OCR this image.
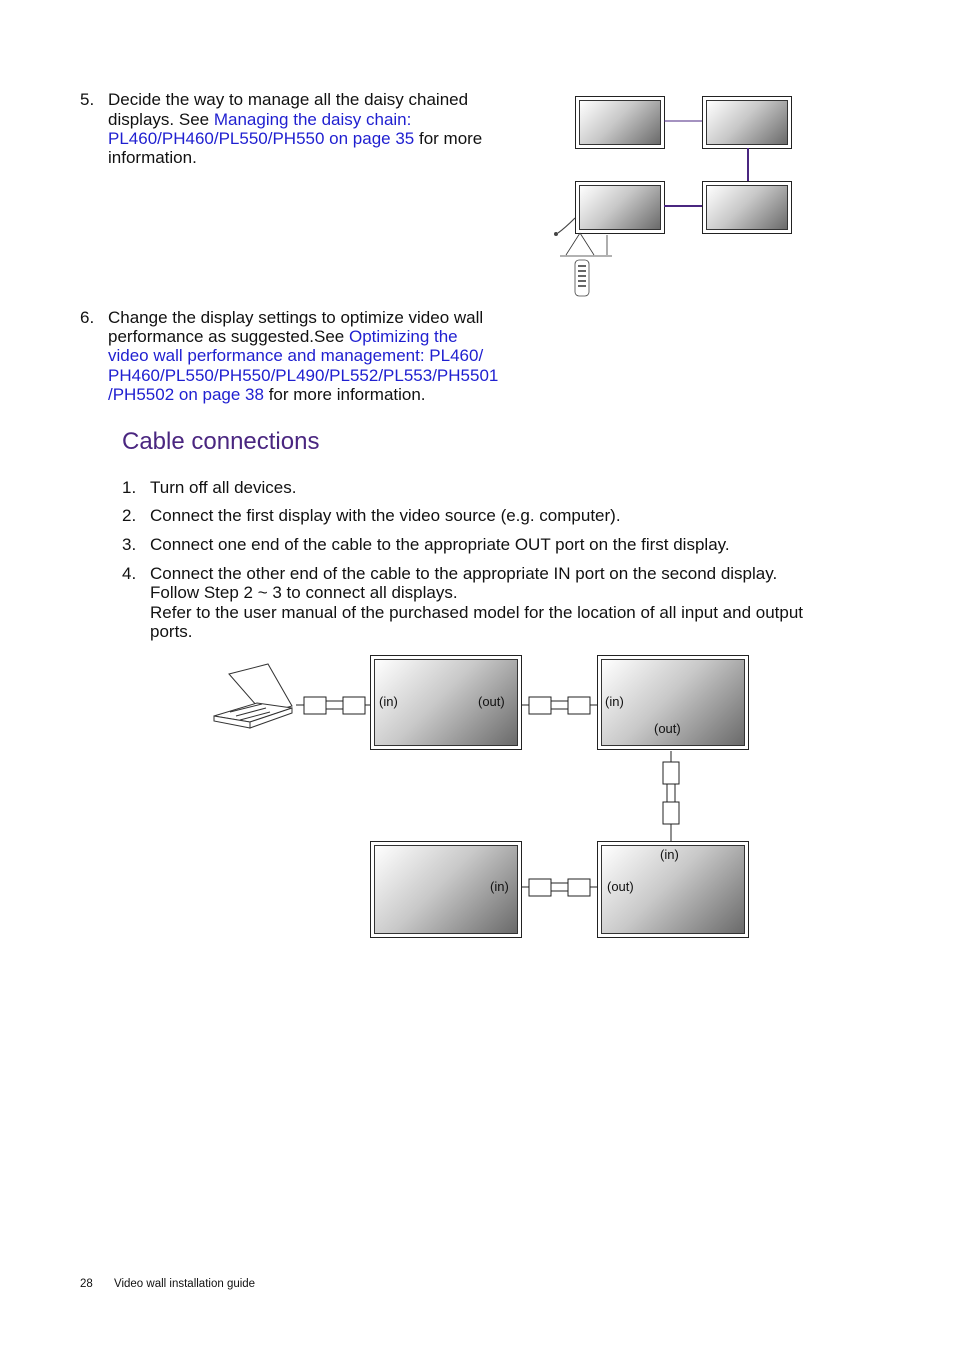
5. Decide the way to manage all the daisy chained
displays. See Managing the daisy chain:
PL460/PH460/PL550/PH550 on page 35 for more
information.
6. Change the display settings to optimize video wall
performance as suggested.See Optimizing the
video wall performance and management: PL460/
PH460/PL550/PH550/PL490/PL552/PL553/PH5501
/PH5502 on page 38 for more information.
Cable connections
1. Turn off all devices.
2. Connect the first display with the video source (e.g. computer).
3. Connect one end of the cable to the appropriate OUT port on the first display.
4. Connect the other end of the cable to the appropriate IN port on the second display.
Follow Step 2 ~ 3 to connect all displays.
Refer to the user manual of the purchased model for the location of all input and output
ports.
(in)	(out)	(in)
(out)
(in)
(in)
(out)
28 Video wall installation guide
